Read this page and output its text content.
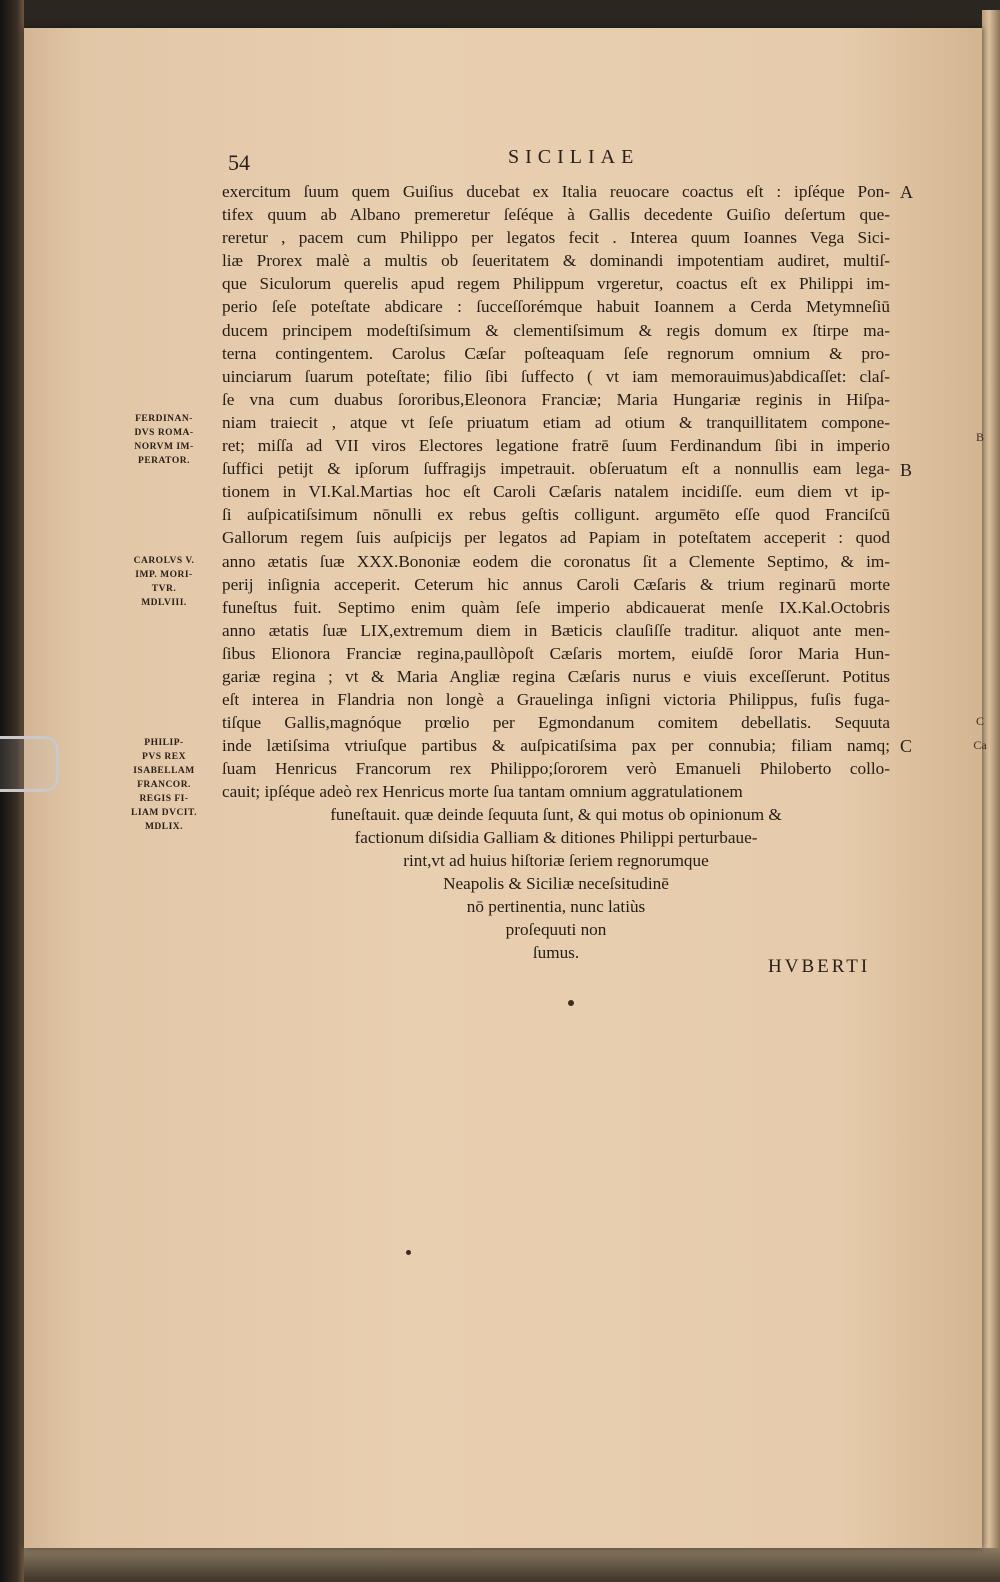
54	SICILIAE
exercitum ſuum quem Guiſius ducebat ex Italia reuocare coactus eſt : ipſéque Pon-
tifex quum ab Albano premeretur ſeſéque à Gallis decedente Guiſio deſertum que-
reretur , pacem cum Philippo per legatos fecit . Interea quum Ioannes Vega Sici-
liæ Prorex malè a multis ob ſeueritatem & dominandi impotentiam audiret, multiſ-
que Siculorum querelis apud regem Philippum vrgeretur, coactus eſt ex Philippi im-
perio ſeſe poteſtate abdicare : ſucceſſorémque habuit Ioannem a Cerda Metymneſiū
ducem principem modeſtiſsimum & clementiſsimum & regis domum ex ſtirpe ma-
terna contingentem. Carolus Cæſar poſteaquam ſeſe regnorum omnium & pro-
uinciarum ſuarum poteſtate; filio ſibi ſuffecto ( vt iam memorauimus)abdicaſſet: claſ-
ſe vna cum duabus ſororibus,Eleonora Franciæ; Maria Hungariæ reginis in Hiſpa-
niam traiecit , atque vt ſeſe priuatum etiam ad otium & tranquillitatem compone-
ret; miſſa ad VII viros Electores legatione fratrē ſuum Ferdinandum ſibi in imperio
ſuffici petijt & ipſorum ſuffragijs impetrauit. obſeruatum eſt a nonnullis eam lega-
tionem in VI.Kal.Martias hoc eſt Caroli Cæſaris natalem incidiſſe. eum diem vt ip-
ſi auſpicatiſsimum nōnulli ex rebus geſtis colligunt. argumēto eſſe quod Franciſcū
Gallorum regem ſuis auſpicijs per legatos ad Papiam in poteſtatem acceperit : quod
anno ætatis ſuæ XXX.Bononiæ eodem die coronatus ſit a Clemente Septimo, & im-
perij inſignia acceperit. Ceterum hic annus Caroli Cæſaris & trium reginarū morte
funeſtus fuit. Septimo enim quàm ſeſe imperio abdicauerat menſe IX.Kal.Octobris
anno ætatis ſuæ LIX,extremum diem in Bæticis clauſiſſe traditur. aliquot ante men-
ſibus Elionora Franciæ regina,paullòpoſt Cæſaris mortem, eiuſdē ſoror Maria Hun-
gariæ regina ; vt & Maria Angliæ regina Cæſaris nurus e viuis exceſſerunt. Potitus
eſt interea in Flandria non longè a Grauelinga inſigni victoria Philippus, fuſis fuga-
tiſque Gallis,magnóque prœlio per Egmondanum comitem debellatis. Sequuta
inde lætiſsima vtriuſque partibus & auſpicatiſsima pax per connubia; filiam namq;
ſuam Henricus Francorum rex Philippo;ſororem verò Emanueli Philoberto collo-
cauit; ipſéque adeò rex Henricus morte ſua tantam omnium aggratulationem
funeſtauit. quæ deinde ſequuta ſunt, & qui motus ob opinionum &
factionum diſsidia Galliam & ditiones Philippi perturbaue-
rint,vt ad huius hiſtoriæ ſeriem regnorumque
Neapolis & Siciliæ neceſsitudinē
nō pertinentia, nunc latiùs
proſequuti non
ſumus.
FERDINAN-
DVS ROMA-
NORVM IM-
PERATOR.
CAROLVS V.
IMP. MORI-
TVR.
MDLVIII.
PHILIP-
PVS REX
ISABELLAM
FRANCOR.
REGIS FI-
LIAM DVCIT.
MDLIX.
A
B
C
HVBERTI
B
C
Ca
